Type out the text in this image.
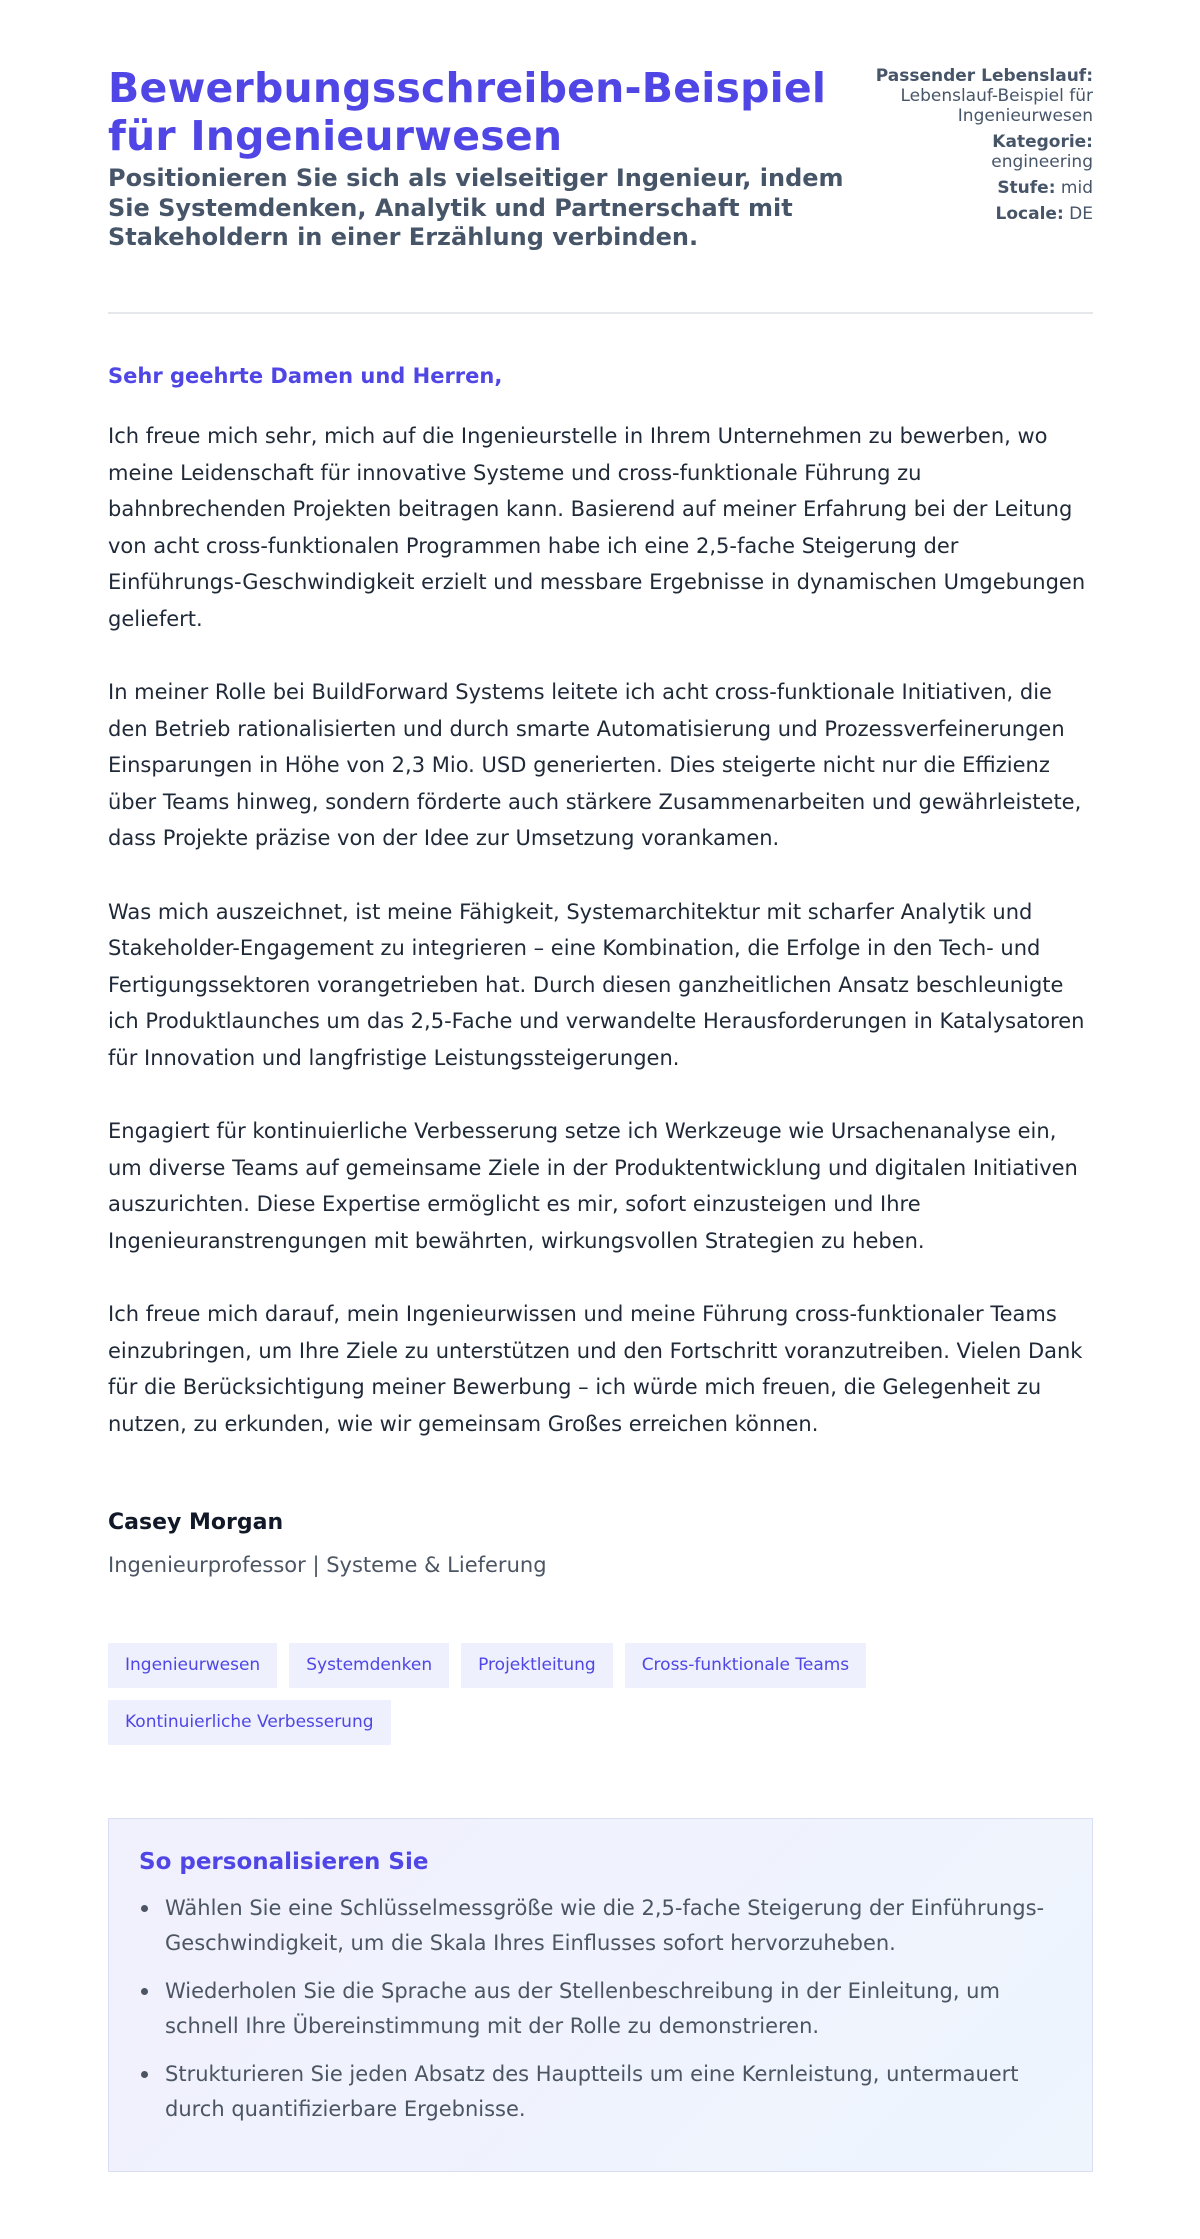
Bewerbungsschreiben-Beispiel für Ingenieurwesen

Positionieren Sie sich als vielseitiger Ingenieur, indem Sie Systemdenken, Analytik und Partnerschaft mit Stakeholdern in einer Erzählung verbinden.

Passender Lebenslauf:
Lebenslauf-Beispiel für Ingenieurwesen
Kategorie:
engineering
Stufe: mid
Locale: DE
Sehr geehrte Damen und Herren,

Ich freue mich sehr, mich auf die Ingenieurstelle in Ihrem Unternehmen zu bewerben, wo meine Leidenschaft für innovative Systeme und cross-funktionale Führung zu bahnbrechenden Projekten beitragen kann. Basierend auf meiner Erfahrung bei der Leitung von acht cross-funktionalen Programmen habe ich eine 2,5-fache Steigerung der Einführungs-Geschwindigkeit erzielt und messbare Ergebnisse in dynamischen Umgebungen geliefert.

In meiner Rolle bei BuildForward Systems leitete ich acht cross-funktionale Initiativen, die den Betrieb rationalisierten und durch smarte Automatisierung und Prozessverfeinerungen Einsparungen in Höhe von 2,3 Mio. USD generierten. Dies steigerte nicht nur die Effizienz über Teams hinweg, sondern förderte auch stärkere Zusammenarbeiten und gewährleistete, dass Projekte präzise von der Idee zur Umsetzung vorankamen.

Was mich auszeichnet, ist meine Fähigkeit, Systemarchitektur mit scharfer Analytik und Stakeholder-Engagement zu integrieren – eine Kombination, die Erfolge in den Tech- und Fertigungssektoren vorangetrieben hat. Durch diesen ganzheitlichen Ansatz beschleunigte ich Produktlaunches um das 2,5-Fache und verwandelte Herausforderungen in Katalysatoren für Innovation und langfristige Leistungssteigerungen.

Engagiert für kontinuierliche Verbesserung setze ich Werkzeuge wie Ursachenanalyse ein, um diverse Teams auf gemeinsame Ziele in der Produktentwicklung und digitalen Initiativen auszurichten. Diese Expertise ermöglicht es mir, sofort einzusteigen und Ihre Ingenieuranstrengungen mit bewährten, wirkungsvollen Strategien zu heben.

Ich freue mich darauf, mein Ingenieurwissen und meine Führung cross-funktionaler Teams einzubringen, um Ihre Ziele zu unterstützen und den Fortschritt voranzutreiben. Vielen Dank für die Berücksichtigung meiner Bewerbung – ich würde mich freuen, die Gelegenheit zu nutzen, zu erkunden, wie wir gemeinsam Großes erreichen können.

Casey Morgan
Ingenieurprofessor | Systeme & Lieferung
Ingenieurwesen	Systemdenken	Projektleitung	Cross-funktionale Teams
Kontinuierliche Verbesserung
So personalisieren Sie
Wählen Sie eine Schlüsselmessgröße wie die 2,5-fache Steigerung der Einführungs-Geschwindigkeit, um die Skala Ihres Einflusses sofort hervorzuheben.
Wiederholen Sie die Sprache aus der Stellenbeschreibung in der Einleitung, um schnell Ihre Übereinstimmung mit der Rolle zu demonstrieren.
Strukturieren Sie jeden Absatz des Hauptteils um eine Kernleistung, untermauert durch quantifizierbare Ergebnisse.
